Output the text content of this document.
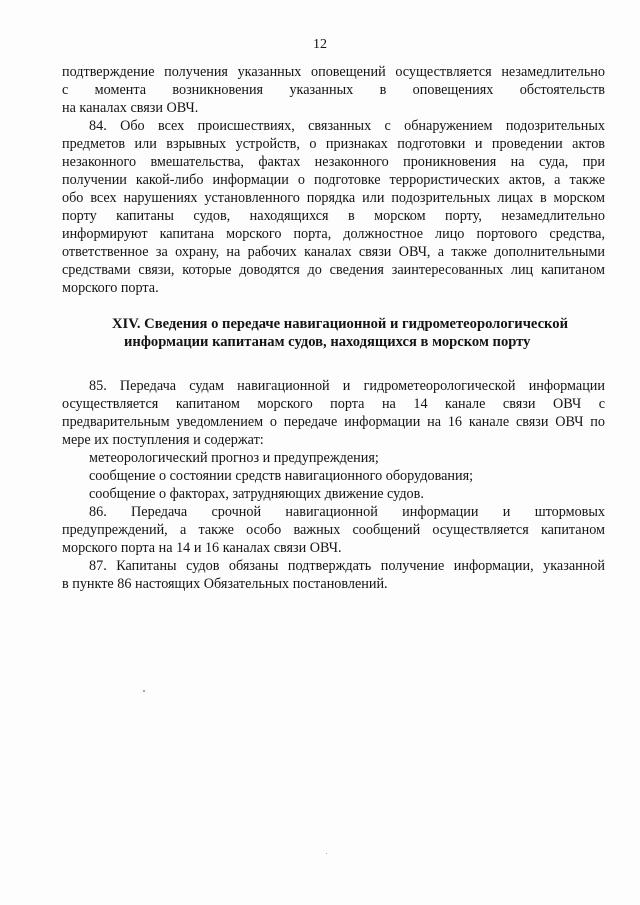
12
подтверждение получения указанных оповещений осуществляется незамедлительно
с момента возникновения указанных в оповещениях обстоятельств
на каналах связи ОВЧ.
84. Обо всех происшествиях, связанных с обнаружением подозрительных
предметов или взрывных устройств, о признаках подготовки и проведении актов
незаконного вмешательства, фактах незаконного проникновения на суда, при
получении какой-либо информации о подготовке террористических актов, а также
обо всех нарушениях установленного порядка или подозрительных лицах в морском
порту капитаны судов, находящихся в морском порту, незамедлительно
информируют капитана морского порта, должностное лицо портового средства,
ответственное за охрану, на рабочих каналах связи ОВЧ, а также дополнительными
средствами связи, которые доводятся до сведения заинтересованных лиц капитаном
морского порта.
XIV. Сведения о передаче навигационной и гидрометеорологической
информации капитанам судов, находящихся в морском порту
85. Передача судам навигационной и гидрометеорологической информации
осуществляется капитаном морского порта на 14 канале связи ОВЧ с
предварительным уведомлением о передаче информации на 16 канале связи ОВЧ по
мере их поступления и содержат:
метеорологический прогноз и предупреждения;
сообщение о состоянии средств навигационного оборудования;
сообщение о факторах, затрудняющих движение судов.
86. Передача срочной навигационной информации и штормовых
предупреждений, а также особо важных сообщений осуществляется капитаном
морского порта на 14 и 16 каналах связи ОВЧ.
87. Капитаны судов обязаны подтверждать получение информации, указанной
в пункте 86 настоящих Обязательных постановлений.
